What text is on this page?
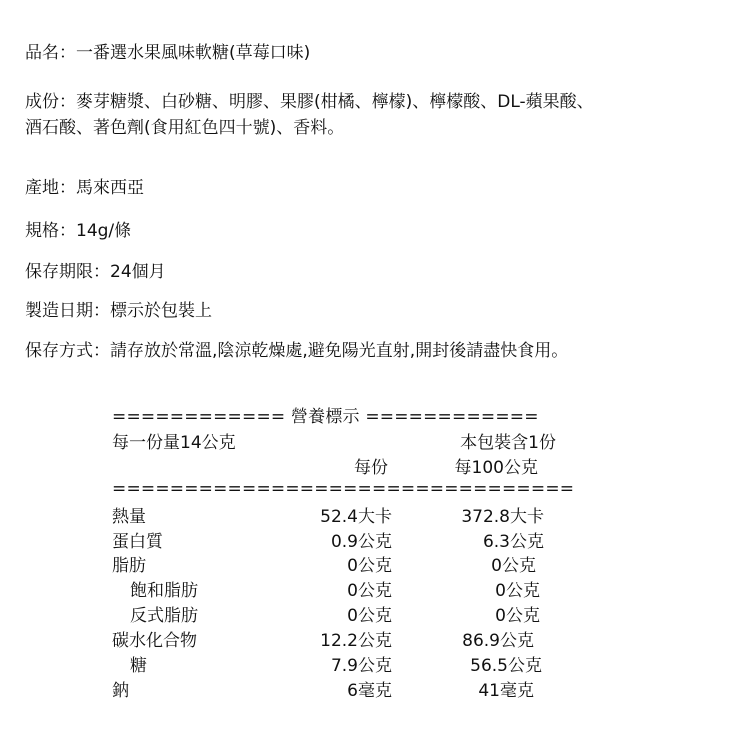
品名：一番選水果風味軟糖(草莓口味)
成份：麥芽糖漿、白砂糖、明膠、果膠(柑橘、檸檬)、檸檬酸、DL-蘋果酸、
酒石酸、著色劑(食用紅色四十號)、香料。
產地：馬來西亞
規格：14g/條
保存期限：24個月
製造日期：標示於包裝上
保存方式：請存放於常溫,陰涼乾燥處,避免陽光直射,開封後請盡快食用。
============ 營養標示 ============
每一份量14公克	本包裝含1份
每份	每100公克
================================
熱量	52.4大卡	372.8大卡
蛋白質	0.9公克	6.3公克
脂肪	0公克	0公克
飽和脂肪	0公克	0公克
反式脂肪	0公克	0公克
碳水化合物	12.2公克	86.9公克
糖	7.9公克	56.5公克
鈉	6毫克	41毫克
